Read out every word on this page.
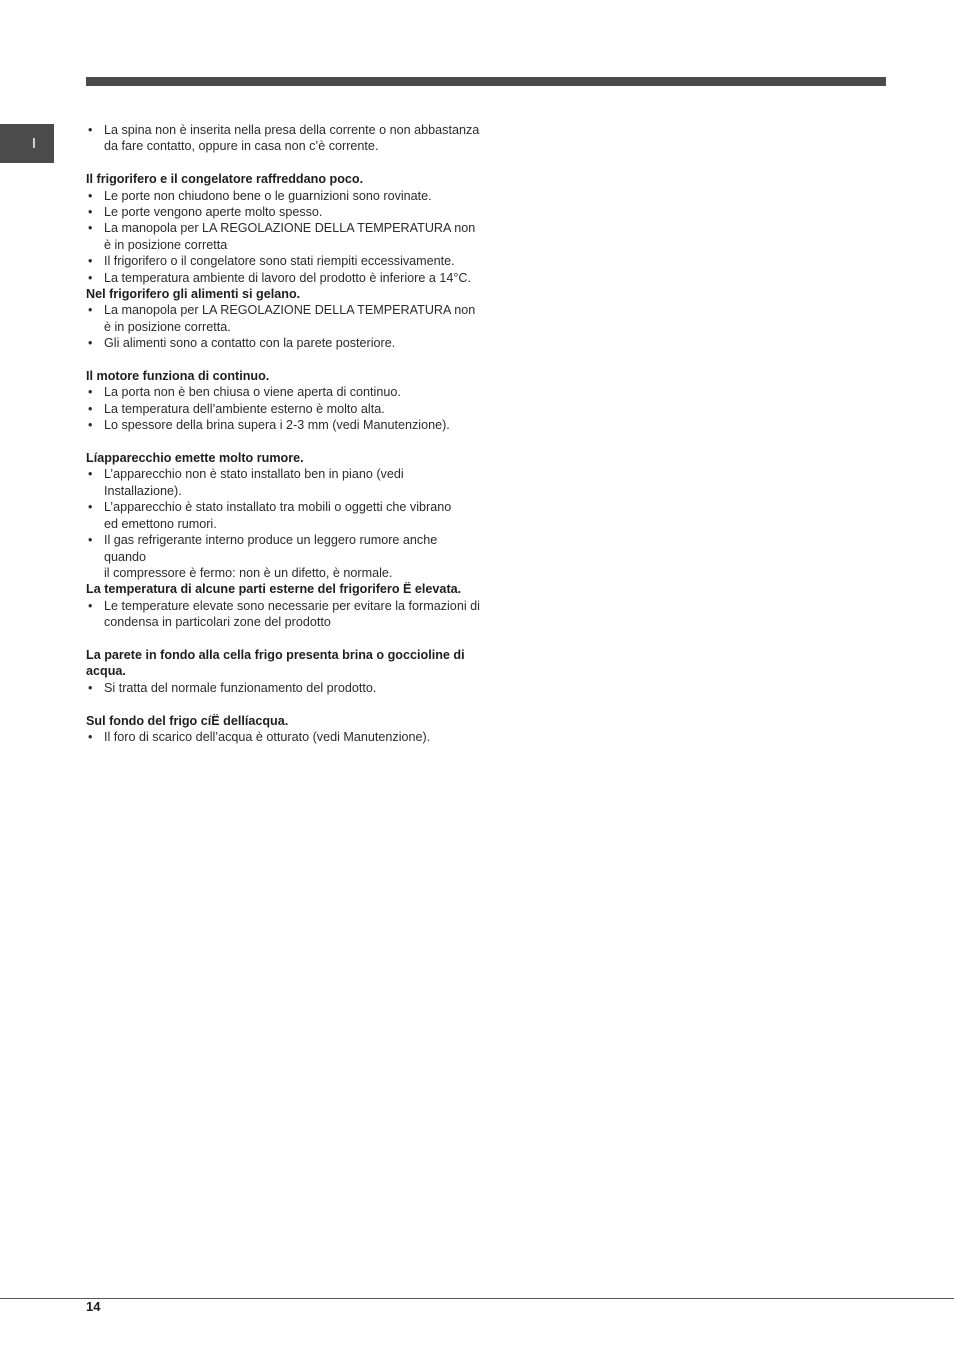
I
• La spina non è inserita nella presa della corrente o non abbastanza da fare contatto, oppure in casa non c’è corrente.
Il frigorifero e il congelatore raffreddano poco.
• Le porte non chiudono bene o le guarnizioni sono rovinate.
• Le porte vengono aperte molto spesso.
• La manopola per LA REGOLAZIONE DELLA TEMPERATURA non è in posizione corretta
• Il frigorifero o il congelatore sono stati riempiti eccessivamente.
• La temperatura ambiente di lavoro del prodotto è inferiore a 14°C.
Nel frigorifero gli alimenti si gelano.
• La manopola per LA REGOLAZIONE DELLA TEMPERATURA non è in posizione corretta.
• Gli alimenti sono a contatto con la parete posteriore.
Il motore funziona di continuo.
• La porta non è ben chiusa o viene aperta di continuo.
• La temperatura dell’ambiente esterno è molto alta.
• Lo spessore della brina supera i 2-3 mm (vedi Manutenzione).
Líapparecchio emette molto rumore.
• L’apparecchio non è stato installato ben in piano (vedi Installazione).
• L’apparecchio è stato installato tra mobili o oggetti che vibrano
ed emettono rumori.
• Il gas refrigerante interno produce un leggero rumore anche quando
il compressore è fermo: non è un difetto, è normale.
La temperatura di alcune parti esterne del frigorifero Ë elevata.
• Le temperature elevate sono necessarie per evitare la formazioni di condensa in particolari zone del prodotto
La parete in fondo alla cella frigo presenta brina o goccioline di acqua.
• Si tratta del normale funzionamento del prodotto.
Sul fondo del frigo cíË dellíacqua.
• Il foro di scarico dell’acqua è otturato (vedi Manutenzione).
14
